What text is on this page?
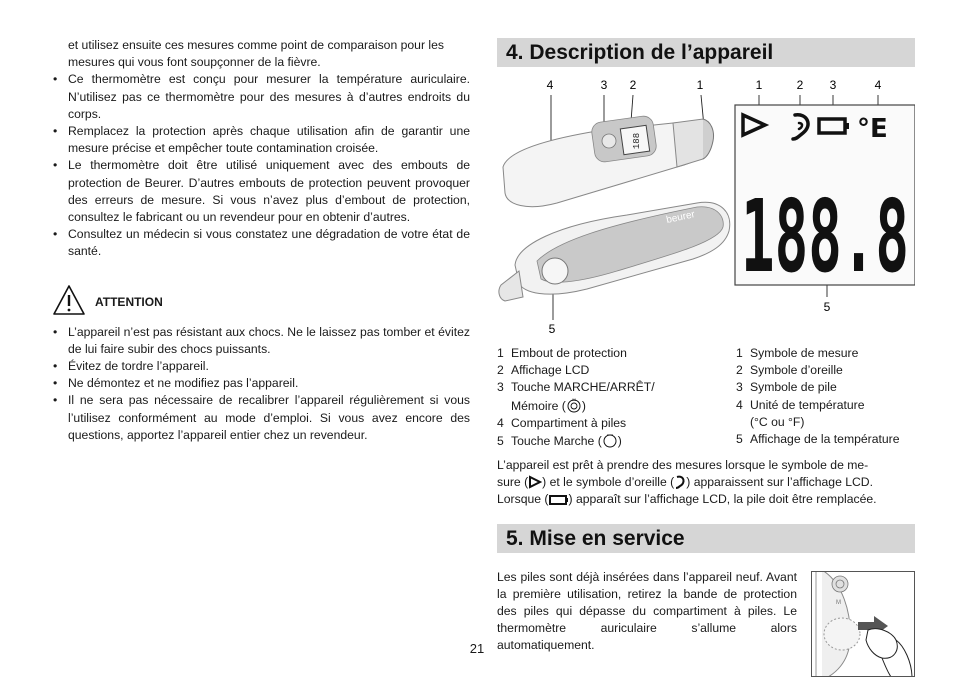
et utilisez ensuite ces mesures comme point de comparaison pour les
mesures qui vous font soupçonner de la fièvre.
• Ce thermomètre est conçu pour mesurer la température auriculaire. N’utilisez pas ce thermomètre pour des mesures à d’autres endroits du corps.
• Remplacez la protection après chaque utilisation afin de garantir une mesure précise et empêcher toute contamination croisée.
• Le thermomètre doit être utilisé uniquement avec des embouts de protection de Beurer. D’autres embouts de protection peuvent provoquer des erreurs de mesure. Si vous n’avez plus d’embout de protection, consultez le fabricant ou un revendeur pour en obtenir d’autres.
• Consultez un médecin si vous constatez une dégradation de votre état de santé.
ATTENTION
• L’appareil n’est pas résistant aux chocs. Ne le laissez pas tomber et évitez de lui faire subir des chocs puissants.
• Évitez de tordre l’appareil.
• Ne démontez et ne modifiez pas l’appareil.
• Il ne sera pas nécessaire de recalibrer l’appareil régulièrement si vous l’utilisez conformément au mode d’emploi. Si vous avez encore des questions, apportez l’appareil entier chez un revendeur.
4. Description de l’appareil
4	3 2	1
5
188
beurer
1	2 3	4
5
°E
188.8
1 Embout de protection
2 Affichage LCD
3 Touche MARCHE/ARRÊT/
Mémoire ( M )
4 Compartiment à piles
5 Touche Marche ( )
1 Symbole de mesure
2 Symbole d’oreille
3 Symbole de pile
4 Unité de température
(°C ou °F)
5 Affichage de la température
L’appareil est prêt à prendre des mesures lorsque le symbole de me-
sure ( ) et le symbole d’oreille ( ) apparaissent sur l’affichage LCD.
Lorsque ( ) apparaît sur l’affichage LCD, la pile doit être remplacée.
5. Mise en service
Les piles sont déjà insérées dans l’appareil neuf. Avant la première utilisation, retirez la bande de protection des piles qui dépasse du compartiment à piles. Le thermomètre auriculaire s’allume alors automatiquement.
M
21
